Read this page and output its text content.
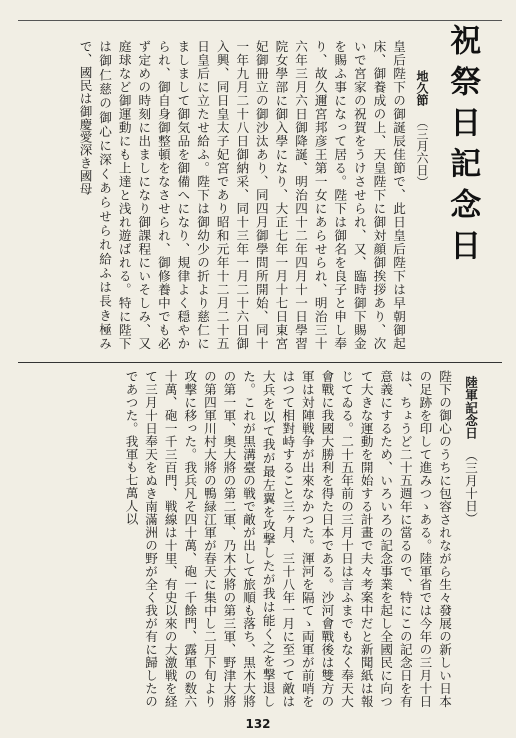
祝祭日記念日
地久節 （三月六日）
皇后陛下の御誕辰佳節で、此日皇后陛下は早朝御起床、御養成の上、天皇陛下に御対顔御挨拶あり、次いで宮家の祝賀をうけさせられ、又、臨時御下賜金を賜ふ事になって居る。陛下は御名を良子と申し奉り、故久邇宮邦彦王第一女にあらせられ、明治三十六年三月六日御降誕、明治四十二年四月十一日學習院女學部に御入學になり、大正七年一月十七日東宮妃御冊立の御沙汰あり、同四月御學問所開始、同十一年九月二十八日御納采、同十三年一月二十六日御入興、同日皇太子妃宮であり昭和元年十二月二十五日皇后に立たせ給ふ。陛下は御幼少の折より慈仁にましまして御気品を御備へになり、規律よく穏やかられ、御自身御整頓をなさせられ、御修養中でも必ず定めの時刻に出ましになり御課程にいそしみ、又庭球など御運動にも上達と浅れ遊ばれる。特に陛下は御仁慈の御心に深くあらせられ給ふは長き極みで、國民は御慶愛深き國母
陸軍記念日 （三月十日）
陛下の御心のうちに包容されながら生々發展の新しい日本の足跡を印して進みつゝある。陸軍省では今年の三月十日は、ちょうど二十五週年に當るので、特にこの記念日を有意義にするため、いろいろの記念事業を起し全國民に向つて大きな運動を開始する計畫で夫々考案中だと新聞紙は報じてゐる。二十五年前の三月十日は言ふまでもなく奉天大會戰に我國大勝利を得た日本である。沙河會戰後は雙方の軍は対陣戦争が出來なかつた。渾河を隔てゝ両軍が前哨をはつて相對峙すること三ヶ月、三十八年一月に至つて敵は大兵を以て我が最左翼を攻撃したが我は能く之を撃退した。これが黒溝臺の戦で敵が出して旅順も落ち、黒木大將の第一軍、奥大將の第二軍、乃木大將の第三軍、野津大將の第四軍川村大將の鴨緑江軍が春天に集中し二月下旬より攻撃に移った。我兵凡そ四十萬、砲一千餘門、露軍の数六十萬、砲一千三百門、戦線は十里、有史以來の大激戦を経て三月十日奉天をぬき南滿洲の野が全く我が有に歸したのであつた。我軍も七萬人以
132
